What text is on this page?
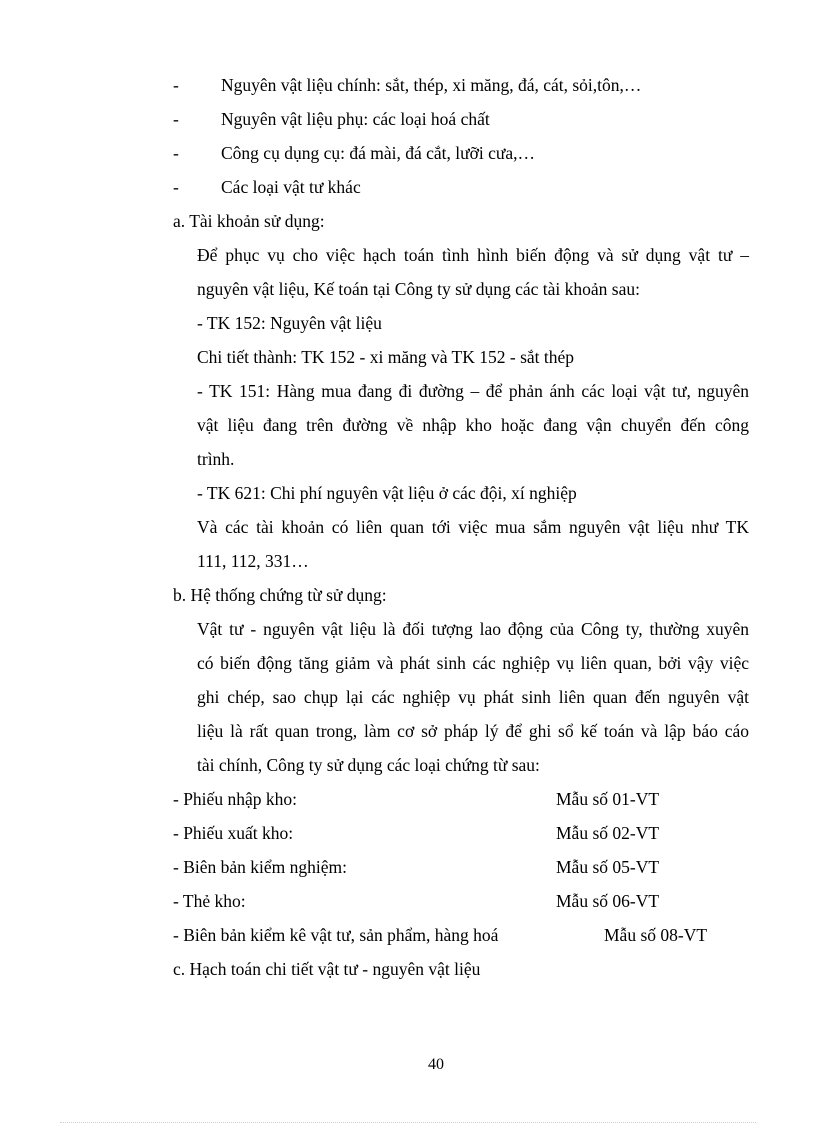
- Nguyên vật liệu chính: sắt, thép, xi măng, đá, cát, sỏi,tôn,…
- Nguyên vật liệu phụ: các loại hoá chất
- Công cụ dụng cụ: đá mài, đá cắt, lưỡi cưa,…
- Các loại vật tư khác
a. Tài khoản sử dụng:
Để phục vụ cho việc hạch toán tình hình biến động và sử dụng vật tư –
nguyên vật liệu, Kế toán tại Công ty sử dụng các tài khoản sau:
- TK 152: Nguyên vật liệu
Chi tiết thành: TK 152 - xi măng và TK 152 - sắt thép
- TK 151: Hàng mua đang đi đường – để phản ánh các loại vật tư, nguyên
vật liệu đang trên đường về nhập kho hoặc đang vận chuyển đến công
trình.
- TK 621: Chi phí nguyên vật liệu ở các đội, xí nghiệp
Và các tài khoản có liên quan tới việc mua sắm nguyên vật liệu như TK
111, 112, 331…
b. Hệ thống chứng từ sử dụng:
Vật tư - nguyên vật liệu là đối tượng lao động của Công ty, thường xuyên
có biến động tăng giảm và phát sinh các nghiệp vụ liên quan, bởi vậy việc
ghi chép, sao chụp lại các nghiệp vụ phát sinh liên quan đến nguyên vật
liệu là rất quan trong, làm cơ sở pháp lý để ghi sổ kế toán và lập báo cáo
tài chính, Công ty sử dụng các loại chứng từ sau:
- Phiếu nhập kho:	Mẫu số 01-VT
- Phiếu xuất kho:	Mẫu số 02-VT
- Biên bản kiểm nghiệm:	Mẫu số 05-VT
- Thẻ kho:	Mẫu số 06-VT
- Biên bản kiểm kê vật tư, sản phẩm, hàng hoá	Mẫu số 08-VT
c. Hạch toán chi tiết vật tư - nguyên vật liệu
40
